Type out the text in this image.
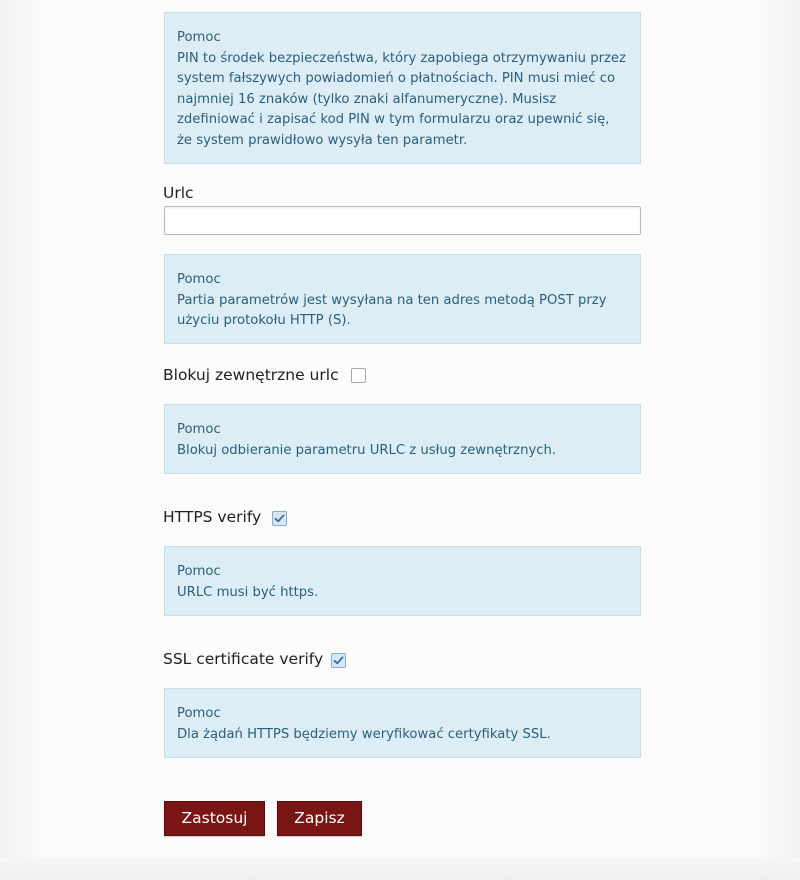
Pomoc
PIN to środek bezpieczeństwa, który zapobiega otrzymywaniu przez
system fałszywych powiadomień o płatnościach. PIN musi mieć co
najmniej 16 znaków (tylko znaki alfanumeryczne). Musisz
zdefiniować i zapisać kod PIN w tym formularzu oraz upewnić się,
że system prawidłowo wysyła ten parametr.
Urlc
Pomoc
Partia parametrów jest wysyłana na ten adres metodą POST przy
użyciu protokołu HTTP (S).
Blokuj zewnętrzne urlc
Pomoc
Blokuj odbieranie parametru URLC z usług zewnętrznych.
HTTPS verify
Pomoc
URLC musi być https.
SSL certificate verify
Pomoc
Dla żądań HTTPS będziemy weryfikować certyfikaty SSL.
Zastosuj	Zapisz
